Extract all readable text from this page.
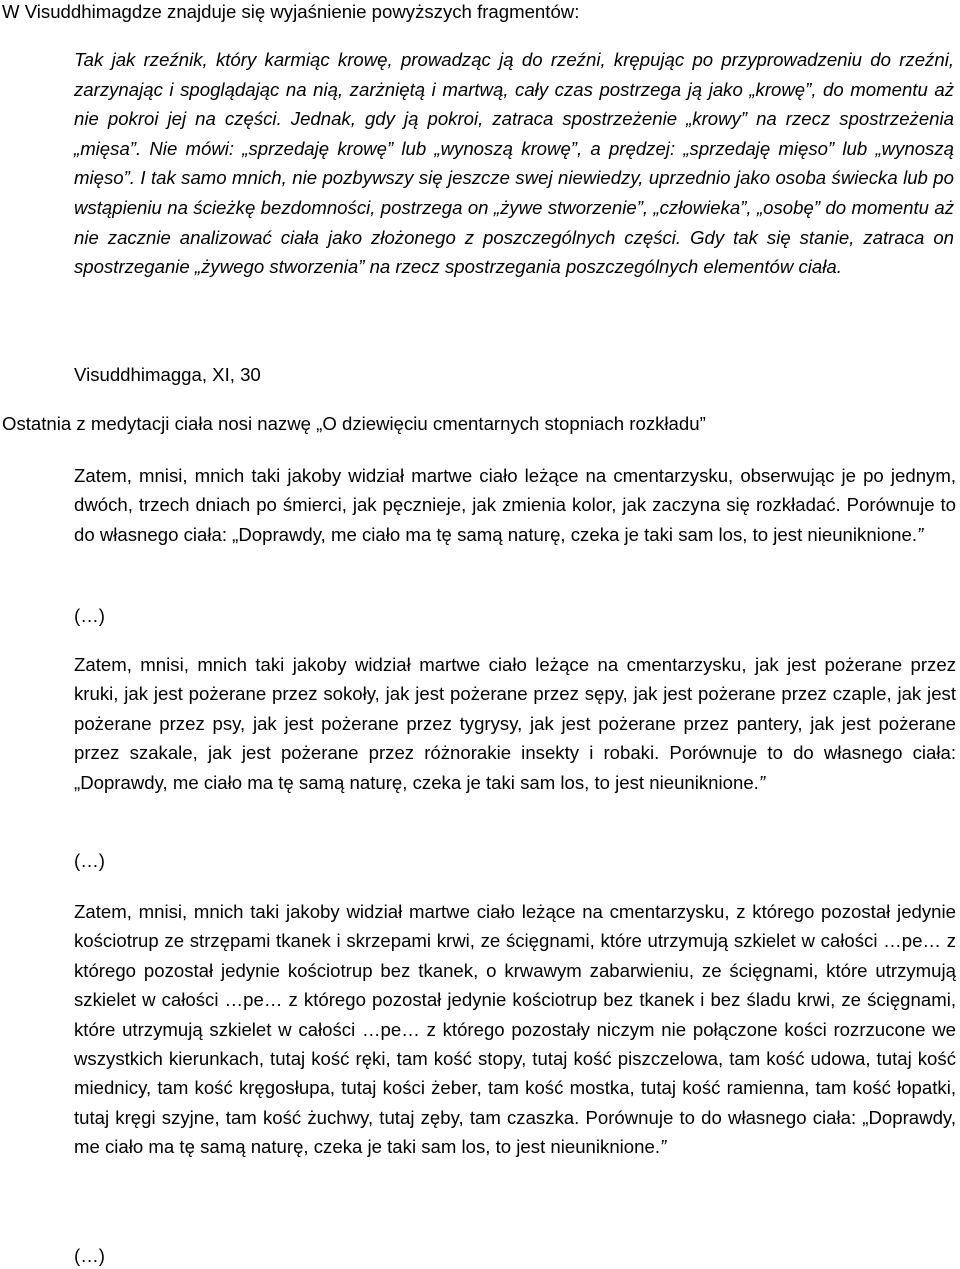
W Visuddhimagdze znajduje się wyjaśnienie powyższych fragmentów:
Tak jak rzeźnik, który karmiąc krowę, prowadząc ją do rzeźni, krępując po przyprowadzeniu do rzeźni, zarzynając i spoglądając na nią, zarżniętą i martwą, cały czas postrzega ją jako „krowę”, do momentu aż nie pokroi jej na części. Jednak, gdy ją pokroi, zatraca spostrzeżenie „krowy” na rzecz spostrzeżenia „mięsa”. Nie mówi: „sprzedaję krowę” lub „wynoszą krowę”, a prędzej: „sprzedaję mięso” lub „wynoszą mięso”. I tak samo mnich, nie pozbywszy się jeszcze swej niewiedzy, uprzednio jako osoba świecka lub po wstąpieniu na ścieżkę bezdomności, postrzega on „żywe stworzenie”, „człowieka”, „osobę” do momentu aż nie zacznie analizować ciała jako złożonego z poszczególnych części. Gdy tak się stanie, zatraca on spostrzeganie „żywego stworzenia” na rzecz spostrzegania poszczególnych elementów ciała.
Visuddhimagga, XI, 30
Ostatnia z medytacji ciała nosi nazwę „O dziewięciu cmentarnych stopniach rozkładu”
Zatem, mnisi, mnich taki jakoby widział martwe ciało leżące na cmentarzysku, obserwując je po jednym, dwóch, trzech dniach po śmierci, jak pęcznieje, jak zmienia kolor, jak zaczyna się rozkładać. Porównuje to do własnego ciała: „Doprawdy, me ciało ma tę samą naturę, czeka je taki sam los, to jest nieuniknione.”
(…)
Zatem, mnisi, mnich taki jakoby widział martwe ciało leżące na cmentarzysku, jak jest pożerane przez kruki, jak jest pożerane przez sokoły, jak jest pożerane przez sępy, jak jest pożerane przez czaple, jak jest pożerane przez psy, jak jest pożerane przez tygrysy, jak jest pożerane przez pantery, jak jest pożerane przez szakale, jak jest pożerane przez różnorakie insekty i robaki. Porównuje to do własnego ciała: „Doprawdy, me ciało ma tę samą naturę, czeka je taki sam los, to jest nieuniknione.”
(…)
Zatem, mnisi, mnich taki jakoby widział martwe ciało leżące na cmentarzysku, z którego pozostał jedynie kościotrup ze strzępami tkanek i skrzepami krwi, ze ścięgnami, które utrzymują szkielet w całości …pe… z którego pozostał jedynie kościotrup bez tkanek, o krwawym zabarwieniu, ze ścięgnami, które utrzymują szkielet w całości …pe… z którego pozostał jedynie kościotrup bez tkanek i bez śladu krwi, ze ścięgnami, które utrzymują szkielet w całości …pe… z którego pozostały niczym nie połączone kości rozrzucone we wszystkich kierunkach, tutaj kość ręki, tam kość stopy, tutaj kość piszczelowa, tam kość udowa, tutaj kość miednicy, tam kość kręgosłupa, tutaj kości żeber, tam kość mostka, tutaj kość ramienna, tam kość łopatki, tutaj kręgi szyjne, tam kość żuchwy, tutaj zęby, tam czaszka. Porównuje to do własnego ciała: „Doprawdy, me ciało ma tę samą naturę, czeka je taki sam los, to jest nieuniknione.”
(…)
